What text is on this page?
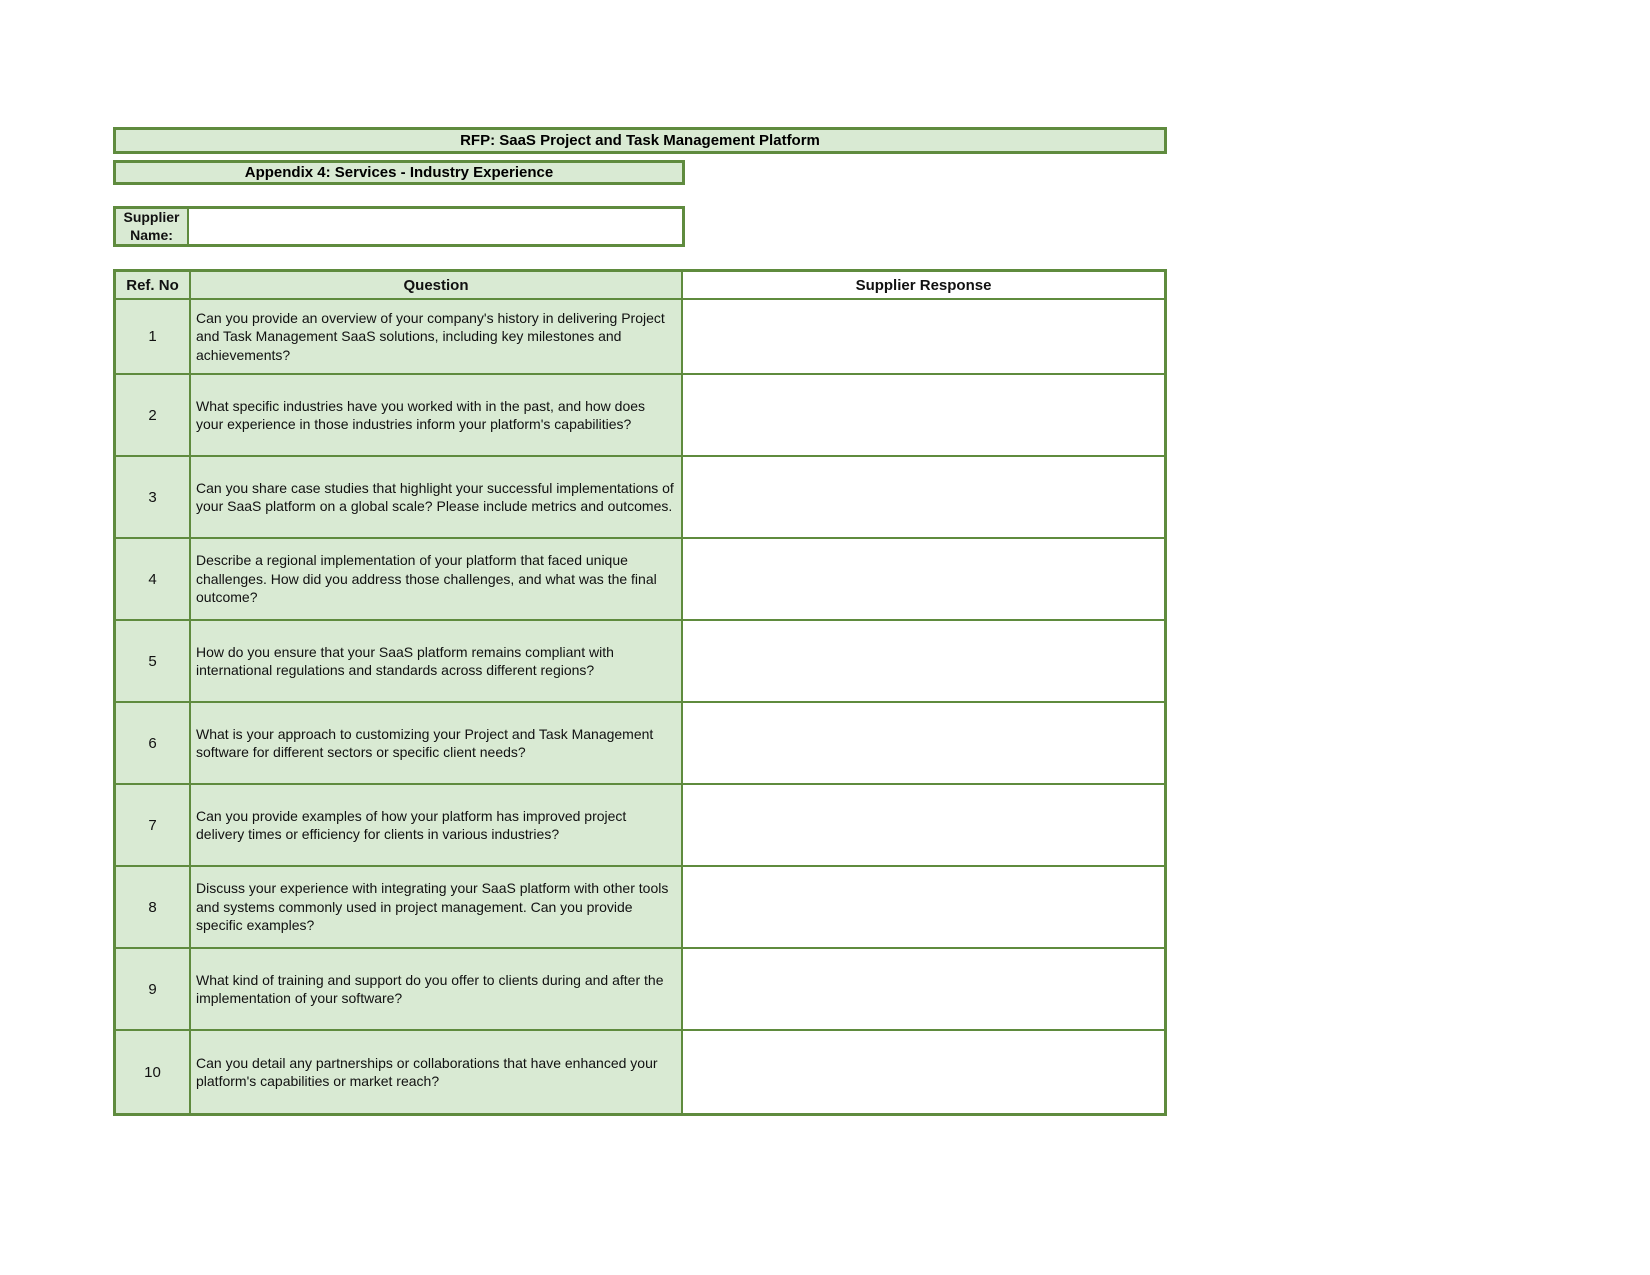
RFP: SaaS Project and Task Management Platform
Appendix 4: Services - Industry Experience
Supplier Name:
Ref. No	Question	Supplier Response
1
Can you provide an overview of your company's history in delivering Project and Task Management SaaS solutions, including key milestones and achievements?
2
What specific industries have you worked with in the past, and how does your experience in those industries inform your platform's capabilities?
3
Can you share case studies that highlight your successful implementations of your SaaS platform on a global scale? Please include metrics and outcomes.
4
Describe a regional implementation of your platform that faced unique challenges. How did you address those challenges, and what was the final outcome?
5
How do you ensure that your SaaS platform remains compliant with international regulations and standards across different regions?
6
What is your approach to customizing your Project and Task Management software for different sectors or specific client needs?
7
Can you provide examples of how your platform has improved project delivery times or efficiency for clients in various industries?
8
Discuss your experience with integrating your SaaS platform with other tools and systems commonly used in project management. Can you provide specific examples?
9
What kind of training and support do you offer to clients during and after the implementation of your software?
10
Can you detail any partnerships or collaborations that have enhanced your platform's capabilities or market reach?
